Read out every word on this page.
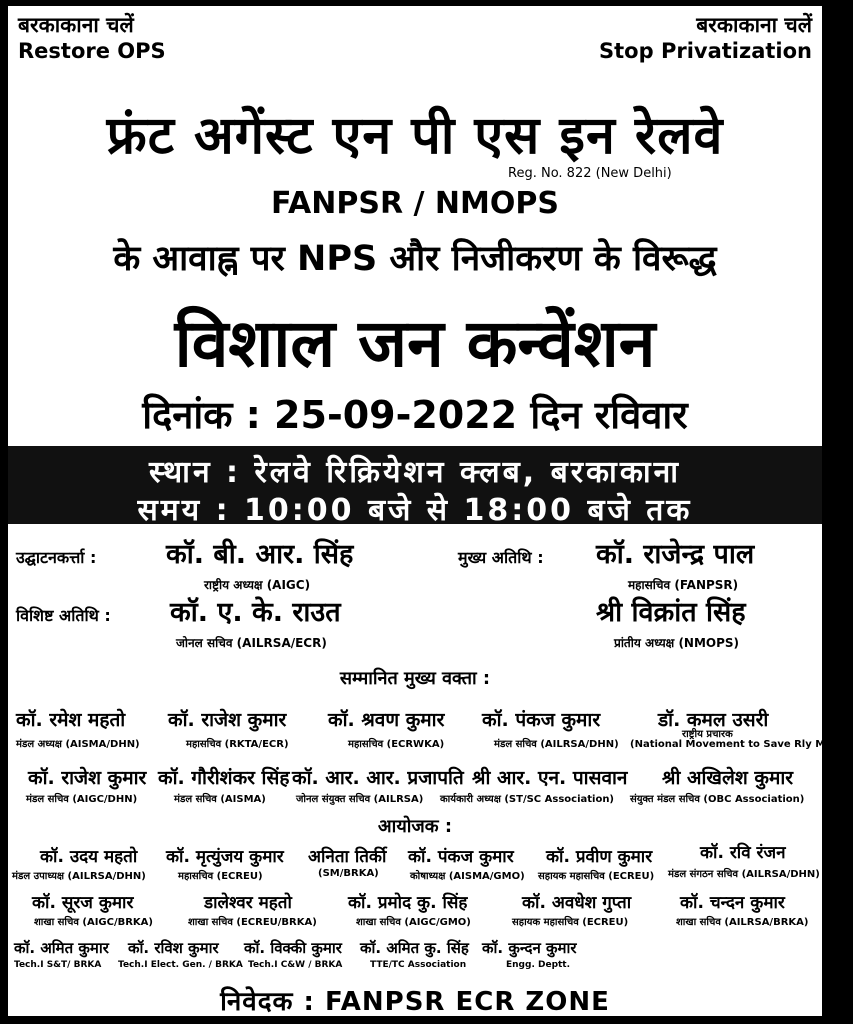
बरकाकाना चलें
Restore OPS
बरकाकाना चलें
Stop Privatization
फ्रंट अगेंस्ट एन पी एस इन रेलवे
Reg. No. 822 (New Delhi)
FANPSR / NMOPS
के आवाह्न पर NPS और निजीकरण के विरूद्ध
विशाल जन कन्वेंशन
दिनांक : 25-09-2022 दिन रविवार
स्थान : रेलवे रिक्रियेशन क्लब, बरकाकाना
समय : 10:00 बजे से 18:00 बजे तक
उद्घाटनकर्त्ता :	कॉ. बी. आर. सिंह
राष्ट्रीय अध्यक्ष (AIGC)
मुख्य अतिथि : कॉ. राजेन्द्र पाल
महासचिव (FANPSR)
विशिष्ट अतिथि : कॉ. ए. के. राउत
जोनल सचिव (AILRSA/ECR)
श्री विक्रांत सिंह
प्रांतीय अध्यक्ष (NMOPS)
सम्मानित मुख्य वक्ता :
कॉ. रमेश महतो
मंडल अध्यक्ष (AISMA/DHN)
कॉ. राजेश कुमार
महासचिव (RKTA/ECR)
कॉ. श्रवण कुमार
महासचिव (ECRWKA)
कॉ. पंकज कुमार
मंडल सचिव (AILRSA/DHN)
डॉ. कमल उसरी
राष्ट्रीय प्रचारक
(National Movement to Save Rly MNSR)
कॉ. राजेश कुमार
मंडल सचिव (AIGC/DHN)
कॉ. गौरीशंकर सिंह
मंडल सचिव (AISMA)
कॉ. आर. आर. प्रजापति
जोनल संयुक्त सचिव (AILRSA)
श्री आर. एन. पासवान
कार्यकारी अध्यक्ष (ST/SC Association)
श्री अखिलेश कुमार
संयुक्त मंडल सचिव (OBC Association)
आयोजक :
कॉ. उदय महतो
मंडल उपाध्यक्ष (AILRSA/DHN)
कॉ. मृत्युंजय कुमार
महासचिव (ECREU)
अनिता तिर्की
(SM/BRKA)
कॉ. पंकज कुमार
कोषाध्यक्ष (AISMA/GMO)
कॉ. प्रवीण कुमार
सहायक महासचिव (ECREU)
कॉ. रवि रंजन
मंडल संगठन सचिव (AILRSA/DHN)
कॉ. सूरज कुमार
शाखा सचिव (AIGC/BRKA)
डालेश्वर महतो
शाखा सचिव (ECREU/BRKA)
कॉ. प्रमोद कु. सिंह
शाखा सचिव (AIGC/GMO)
कॉ. अवधेश गुप्ता
सहायक महासचिव (ECREU)
कॉ. चन्दन कुमार
शाखा सचिव (AILRSA/BRKA)
कॉ. अमित कुमार
Tech.I S&T/ BRKA
कॉ. रविश कुमार
Tech.I Elect. Gen. / BRKA
कॉ. विक्की कुमार
Tech.I C&W / BRKA
कॉ. अमित कु. सिंह
TTE/TC Association
कॉ. कुन्दन कुमार
Engg. Deptt.
निवेदक : FANPSR ECR ZONE
